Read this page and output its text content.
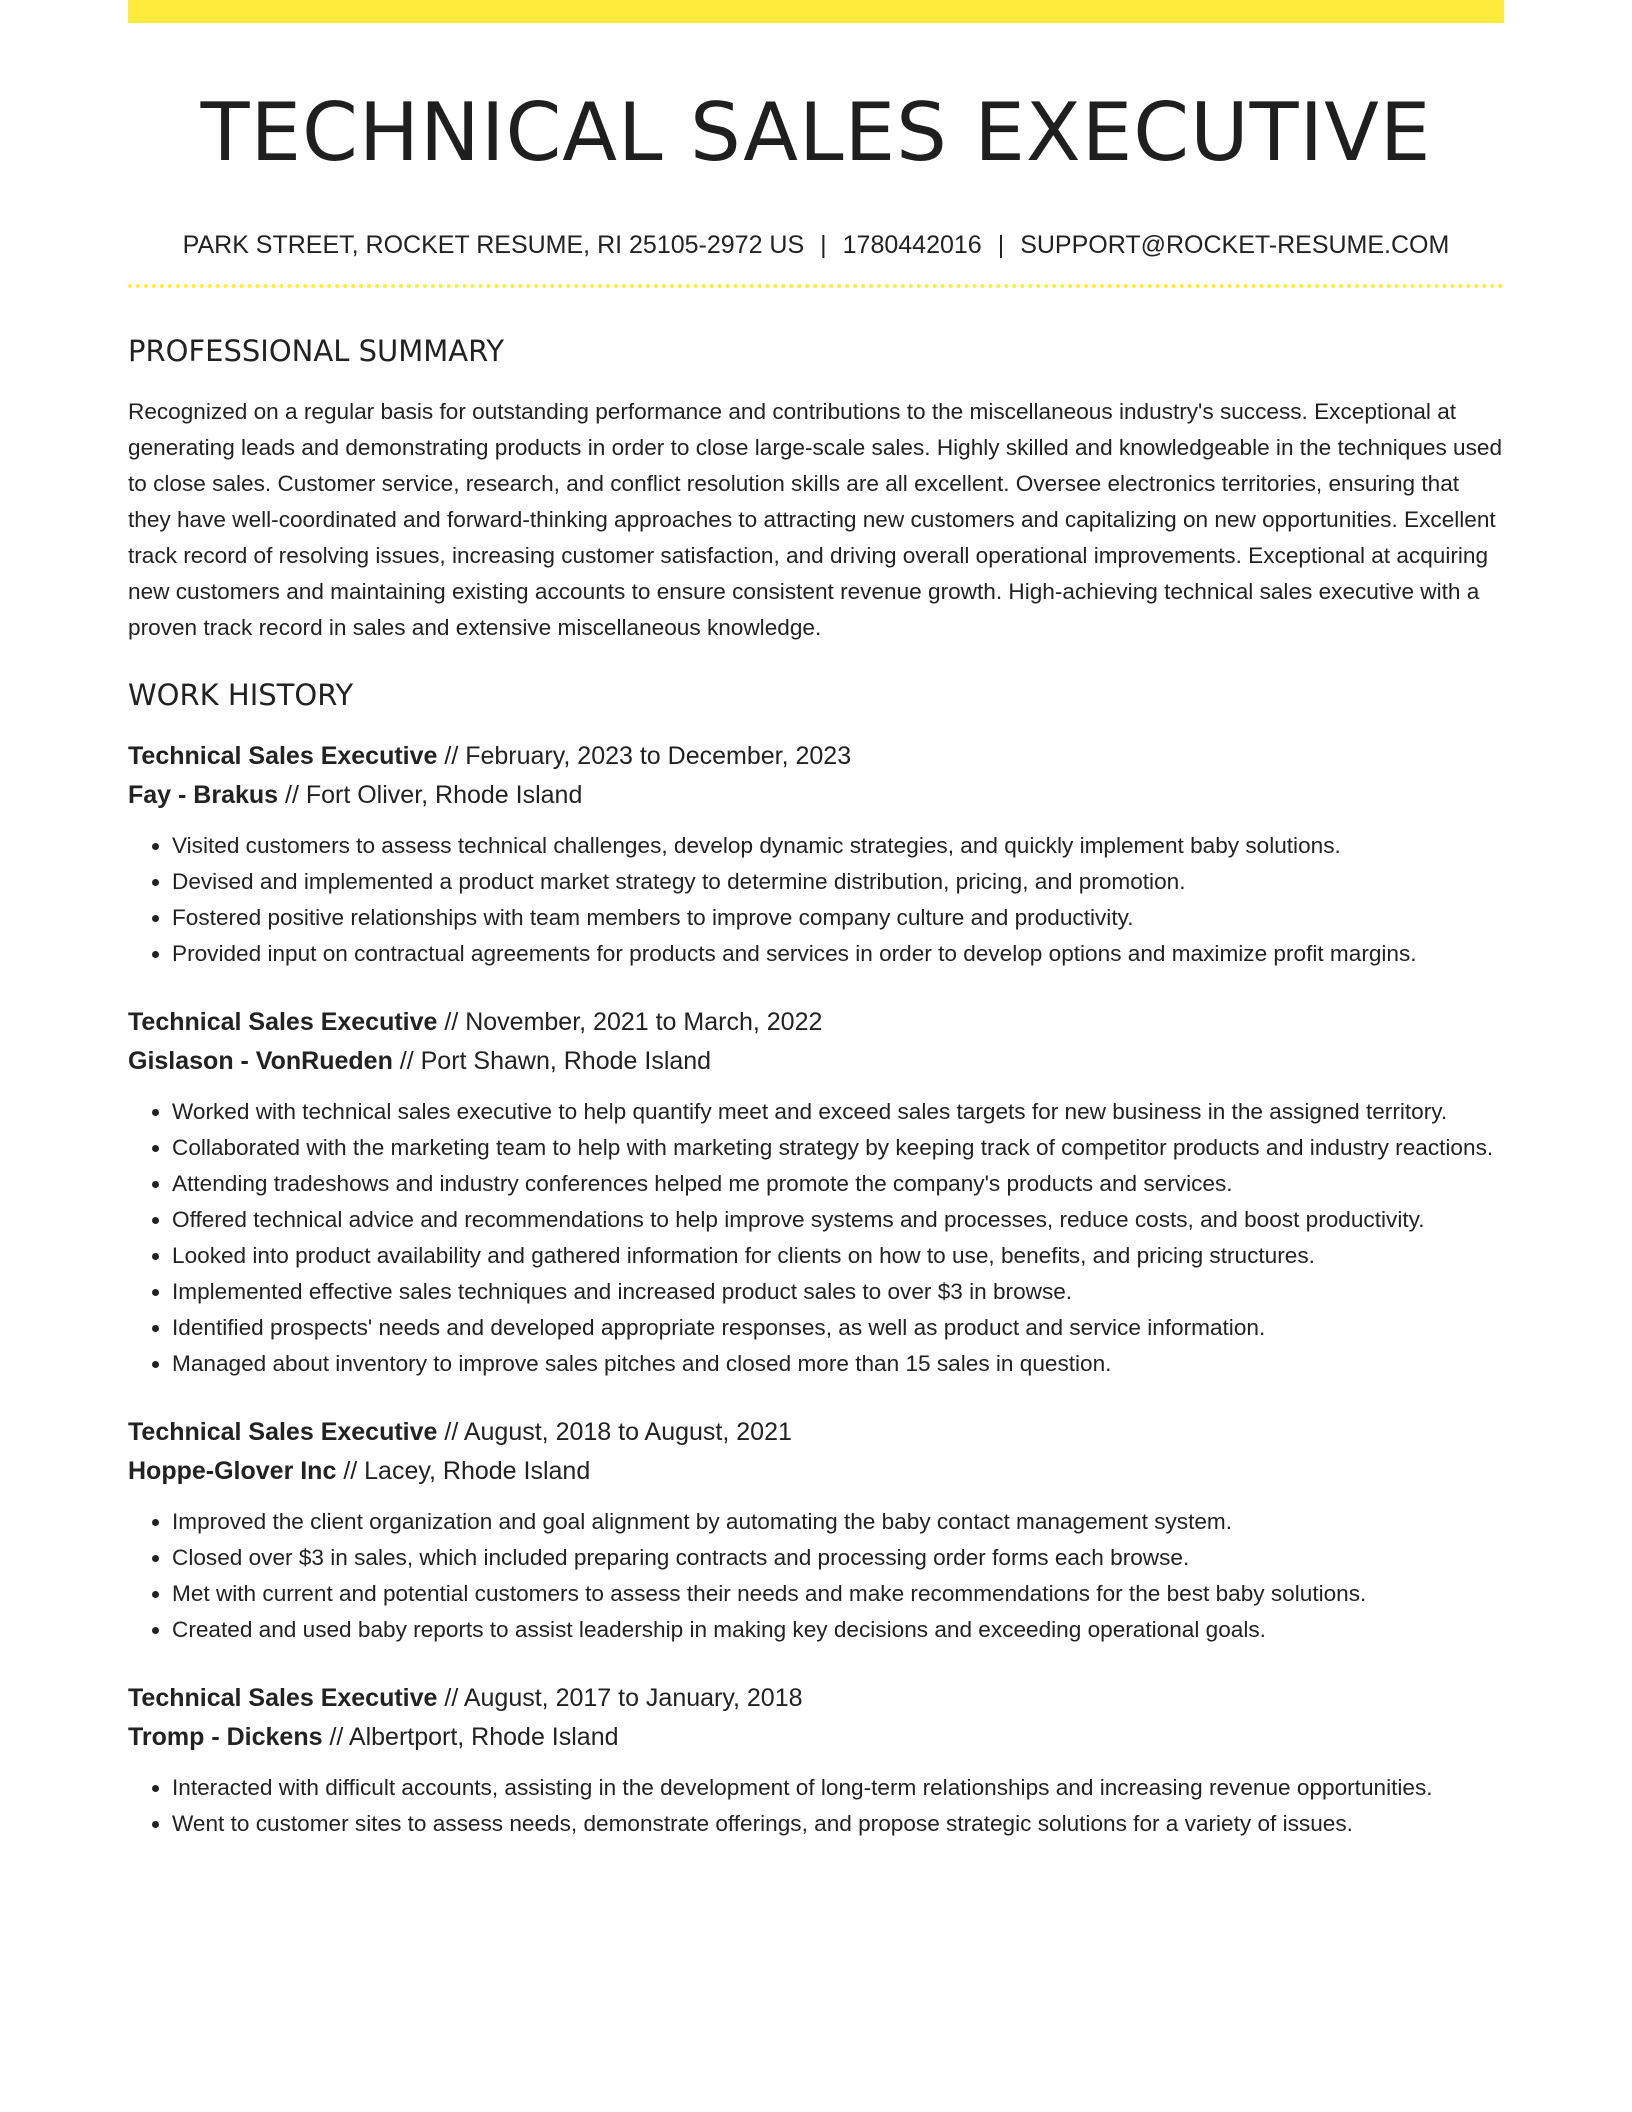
TECHNICAL SALES EXECUTIVE
PARK STREET, ROCKET RESUME, RI 25105-2972 US | 1780442016 | SUPPORT@ROCKET-RESUME.COM
PROFESSIONAL SUMMARY

Recognized on a regular basis for outstanding performance and contributions to the miscellaneous industry's success. Exceptional at generating leads and demonstrating products in order to close large-scale sales. Highly skilled and knowledgeable in the techniques used to close sales. Customer service, research, and conflict resolution skills are all excellent. Oversee electronics territories, ensuring that they have well-coordinated and forward-thinking approaches to attracting new customers and capitalizing on new opportunities. Excellent track record of resolving issues, increasing customer satisfaction, and driving overall operational improvements. Exceptional at acquiring new customers and maintaining existing accounts to ensure consistent revenue growth. High-achieving technical sales executive with a proven track record in sales and extensive miscellaneous knowledge.

WORK HISTORY
Technical Sales Executive // February, 2023 to December, 2023
Fay - Brakus // Fort Oliver, Rhode Island
• Visited customers to assess technical challenges, develop dynamic strategies, and quickly implement baby solutions.
• Devised and implemented a product market strategy to determine distribution, pricing, and promotion.
• Fostered positive relationships with team members to improve company culture and productivity.
• Provided input on contractual agreements for products and services in order to develop options and maximize profit margins.
Technical Sales Executive // November, 2021 to March, 2022
Gislason - VonRueden // Port Shawn, Rhode Island
• Worked with technical sales executive to help quantify meet and exceed sales targets for new business in the assigned territory.
• Collaborated with the marketing team to help with marketing strategy by keeping track of competitor products and industry reactions.
• Attending tradeshows and industry conferences helped me promote the company's products and services.
• Offered technical advice and recommendations to help improve systems and processes, reduce costs, and boost productivity.
• Looked into product availability and gathered information for clients on how to use, benefits, and pricing structures.
• Implemented effective sales techniques and increased product sales to over $3 in browse.
• Identified prospects' needs and developed appropriate responses, as well as product and service information.
• Managed about inventory to improve sales pitches and closed more than 15 sales in question.
Technical Sales Executive // August, 2018 to August, 2021
Hoppe-Glover Inc // Lacey, Rhode Island
• Improved the client organization and goal alignment by automating the baby contact management system.
• Closed over $3 in sales, which included preparing contracts and processing order forms each browse.
• Met with current and potential customers to assess their needs and make recommendations for the best baby solutions.
• Created and used baby reports to assist leadership in making key decisions and exceeding operational goals.
Technical Sales Executive // August, 2017 to January, 2018
Tromp - Dickens // Albertport, Rhode Island
• Interacted with difficult accounts, assisting in the development of long-term relationships and increasing revenue opportunities.
• Went to customer sites to assess needs, demonstrate offerings, and propose strategic solutions for a variety of issues.
